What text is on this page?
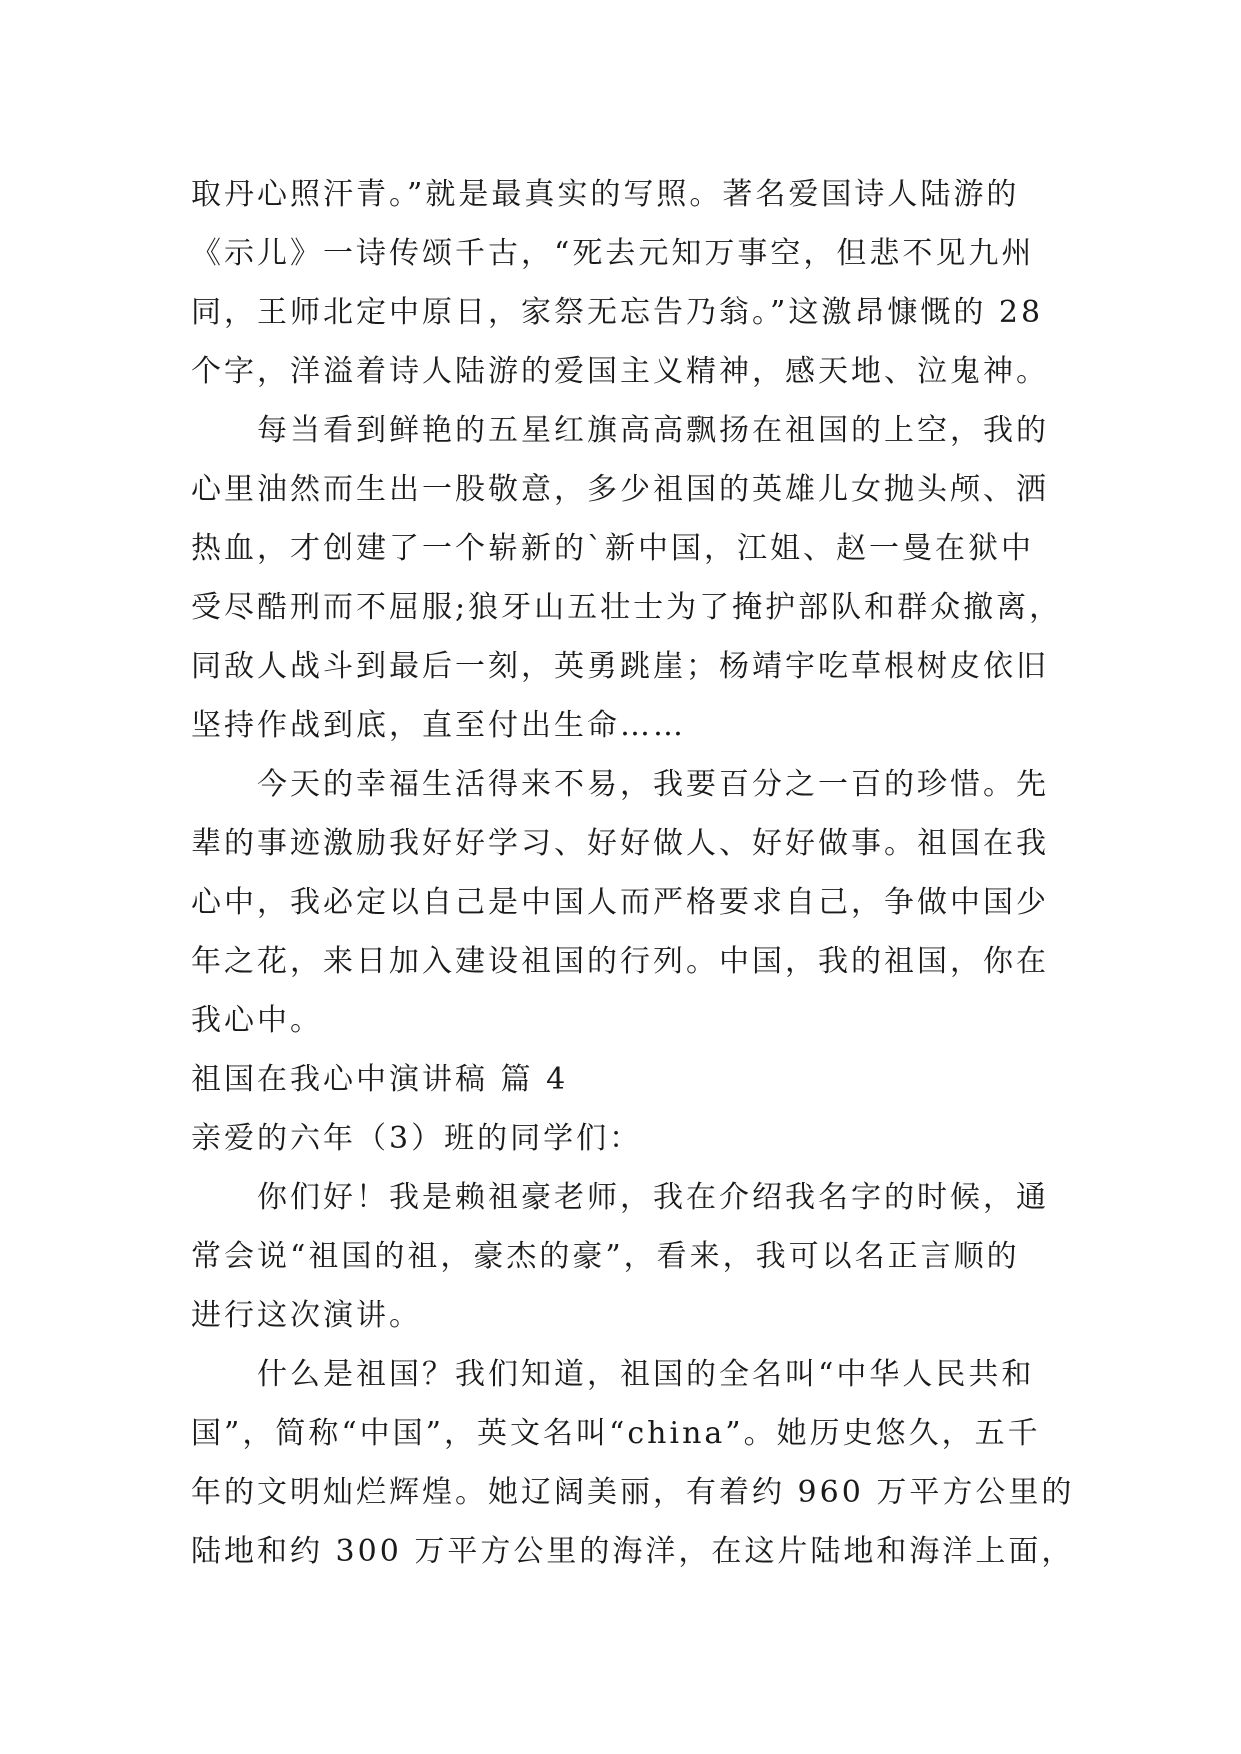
取丹心照汗青。”就是最真实的写照。著名爱国诗人陆游的
《示儿》一诗传颂千古，“死去元知万事空，但悲不见九州
同，王师北定中原日，家祭无忘告乃翁。”这激昂慷慨的 28
个字，洋溢着诗人陆游的爱国主义精神，感天地、泣鬼神。
每当看到鲜艳的五星红旗高高飘扬在祖国的上空，我的
心里油然而生出一股敬意，多少祖国的英雄儿女抛头颅、洒
热血，才创建了一个崭新的`新中国，江姐、赵一曼在狱中
受尽酷刑而不屈服;狼牙山五壮士为了掩护部队和群众撤离，
同敌人战斗到最后一刻，英勇跳崖；杨靖宇吃草根树皮依旧
坚持作战到底，直至付出生命……
今天的幸福生活得来不易，我要百分之一百的珍惜。先
辈的事迹激励我好好学习、好好做人、好好做事。祖国在我
心中，我必定以自己是中国人而严格要求自己，争做中国少
年之花，来日加入建设祖国的行列。中国，我的祖国，你在
我心中。
祖国在我心中演讲稿 篇 4
亲爱的六年（3）班的同学们：
你们好！我是赖祖豪老师，我在介绍我名字的时候，通
常会说“祖国的祖，豪杰的豪”，看来，我可以名正言顺的
进行这次演讲。
什么是祖国？我们知道，祖国的全名叫“中华人民共和
国”，简称“中国”，英文名叫“china”。她历史悠久，五千
年的文明灿烂辉煌。她辽阔美丽，有着约 960 万平方公里的
陆地和约 300 万平方公里的海洋，在这片陆地和海洋上面，
